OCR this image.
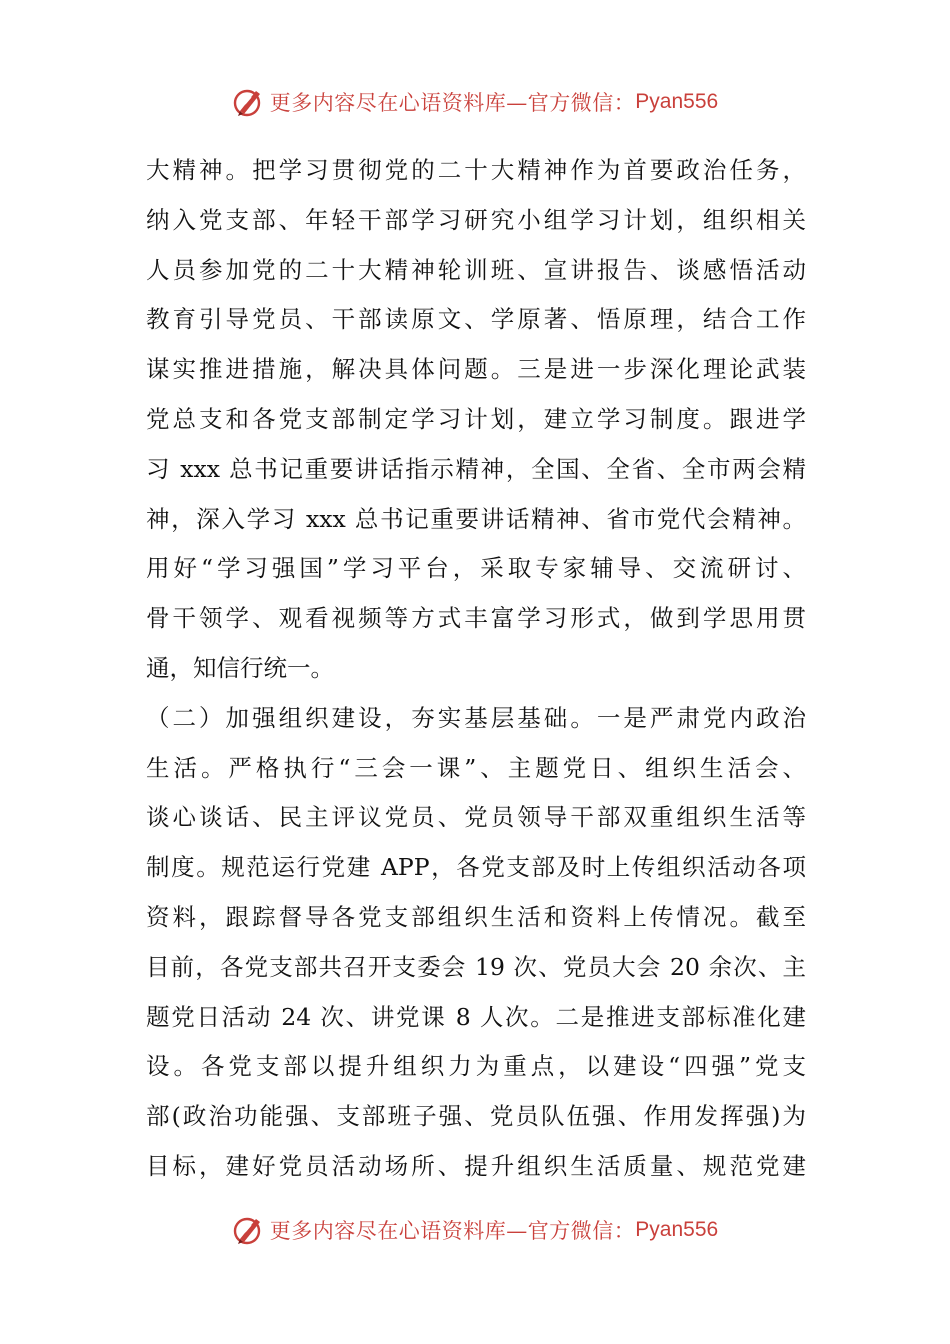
更多内容尽在心语资料库—官方微信： Pyan556
大精神。把学习贯彻党的二十大精神作为首要政治任务，
纳入党支部、年轻干部学习研究小组学习计划，组织相关
人员参加党的二十大精神轮训班、宣讲报告、谈感悟活动
教育引导党员、干部读原文、学原著、悟原理，结合工作
谋实推进措施，解决具体问题。三是进一步深化理论武装
党总支和各党支部制定学习计划，建立学习制度。跟进学
习 xxx 总书记重要讲话指示精神，全国、全省、全市两会精
神，深入学习 xxx 总书记重要讲话精神、省市党代会精神。
用好“学习强国”学习平台，采取专家辅导、交流研讨、
骨干领学、观看视频等方式丰富学习形式，做到学思用贯
通，知信行统一。
（二）加强组织建设，夯实基层基础。一是严肃党内政治
生活。严格执行“三会一课”、主题党日、组织生活会、
谈心谈话、民主评议党员、党员领导干部双重组织生活等
制度。规范运行党建 APP，各党支部及时上传组织活动各项
资料，跟踪督导各党支部组织生活和资料上传情况。截至
目前，各党支部共召开支委会 19 次、党员大会 20 余次、主
题党日活动 24 次、讲党课 8 人次。二是推进支部标准化建
设。各党支部以提升组织力为重点，以建设“四强”党支
部(政治功能强、支部班子强、党员队伍强、作用发挥强)为
目标，建好党员活动场所、提升组织生活质量、规范党建
更多内容尽在心语资料库—官方微信： Pyan556
